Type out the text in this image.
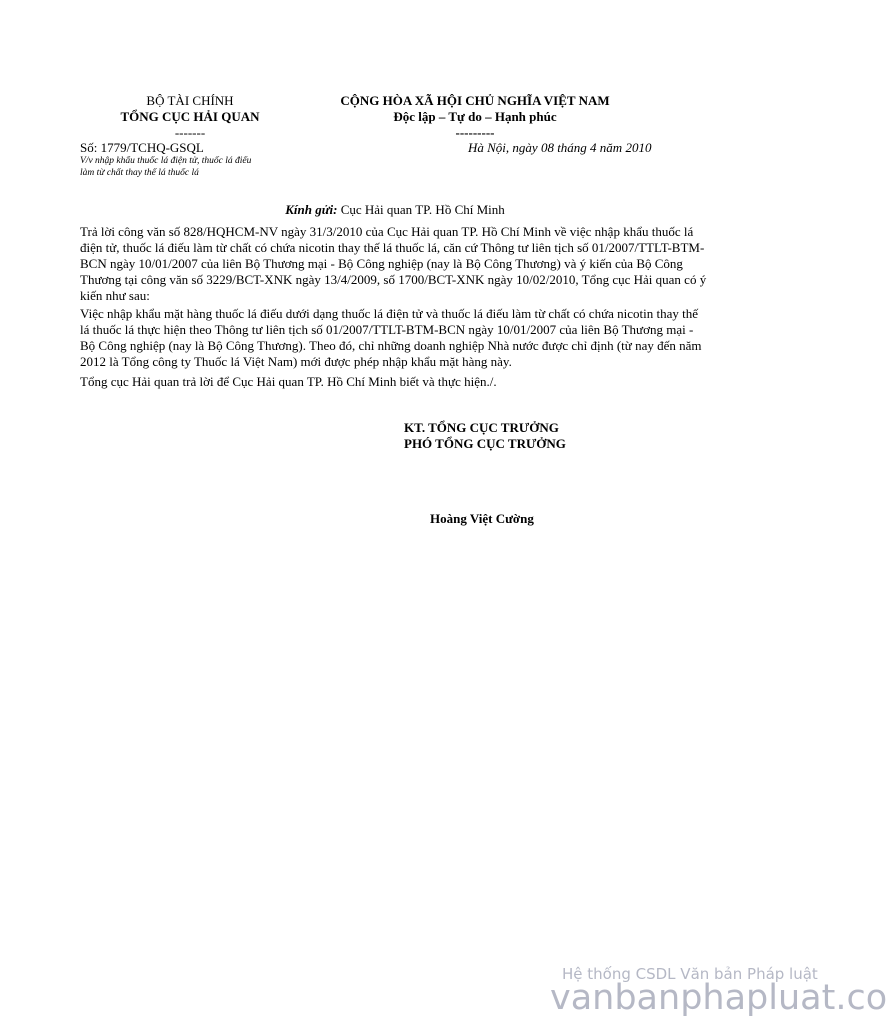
BỘ TÀI CHÍNH
TỔNG CỤC HẢI QUAN
-------
Số: 1779/TCHQ-GSQL
V/v nhập khẩu thuốc lá điện tử, thuốc lá điếu
làm từ chất thay thế lá thuốc lá
CỘNG HÒA XÃ HỘI CHỦ NGHĨA VIỆT NAM
Độc lập – Tự do – Hạnh phúc
---------
Hà Nội, ngày 08 tháng 4 năm 2010
Kính gửi: Cục Hải quan TP. Hồ Chí Minh

Trả lời công văn số 828/HQHCM-NV ngày 31/3/2010 của Cục Hải quan TP. Hồ Chí Minh về việc nhập khẩu thuốc lá điện tử, thuốc lá điếu làm từ chất có chứa nicotin thay thế lá thuốc lá, căn cứ Thông tư liên tịch số 01/2007/TTLT-BTM-BCN ngày 10/01/2007 của liên Bộ Thương mại - Bộ Công nghiệp (nay là Bộ Công Thương) và ý kiến của Bộ Công Thương tại công văn số 3229/BCT-XNK ngày 13/4/2009, số 1700/BCT-XNK ngày 10/02/2010, Tổng cục Hải quan có ý kiến như sau:

Việc nhập khẩu mặt hàng thuốc lá điếu dưới dạng thuốc lá điện tử và thuốc lá điếu làm từ chất có chứa nicotin thay thế lá thuốc lá thực hiện theo Thông tư liên tịch số 01/2007/TTLT-BTM-BCN ngày 10/01/2007 của liên Bộ Thương mại - Bộ Công nghiệp (nay là Bộ Công Thương). Theo đó, chỉ những doanh nghiệp Nhà nước được chỉ định (từ nay đến năm 2012 là Tổng công ty Thuốc lá Việt Nam) mới được phép nhập khẩu mặt hàng này.

Tổng cục Hải quan trả lời để Cục Hải quan TP. Hồ Chí Minh biết và thực hiện./.

KT. TỔNG CỤC TRƯỞNG
PHÓ TỔNG CỤC TRƯỞNG
Hoàng Việt Cường
Hệ thống CSDL Văn bản Pháp luật
vanbanphapluat.co
